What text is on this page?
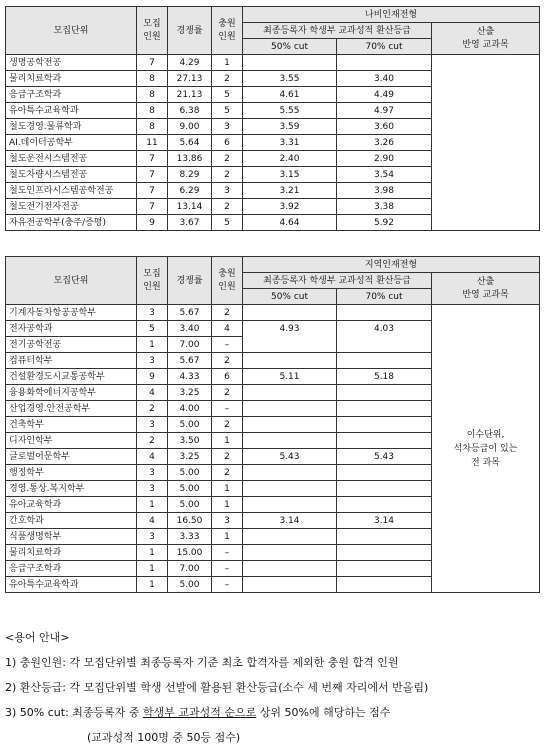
모집단위	모집
인원	경쟁률	충원
인원	나비인재전형		
				최종등록자 학생부 교과성적 환산등급		산출
반영 교과목
				50% cut	70% cut	
생명공학전공	7	4.29	1			
물리치료학과	8	27.13	2	3.55	3.40	
응급구조학과	8	21.13	5	4.61	4.49	
유아특수교육학과	8	6.38	5	5.55	4.97	
철도경영.물류학과	8	9.00	3	3.59	3.60	
AI.데이터공학부	11	5.64	6	3.31	3.26	
철도운전시스템전공	7	13.86	2	2.40	2.90	
철도차량시스템전공	7	8.29	2	3.15	3.54	
철도인프라시스템공학전공	7	6.29	3	3.21	3.98	
철도전기전자전공	7	13.14	2	3.92	3.38	
자유전공학부(충주/증평)	9	3.67	5	4.64	5.92	
모집단위	모집
인원	경쟁률	충원
인원	지역인재전형		
				최종등록자 학생부 교과성적 환산등급		산출
반영 교과목
				50% cut	70% cut	
기계자동차항공공학부	3	5.67	2			이수단위,
석차등급이 있는
전 과목
전자공학과	5	3.40	4	4.93	4.03	
전기공학전공	1	7.00	–			
컴퓨터학부	3	5.67	2			
건설환경도시교통공학부	9	4.33	6	5.11	5.18	
융용화학에너지공학부	4	3.25	2			
산업경영.안전공학부	2	4.00	–			
건축학부	3	5.00	2			
디자인학부	2	3.50	1			
글로벌어문학부	4	3.25	2	5.43	5.43	
행정학부	3	5.00	2			
경영.통상.복지학부	3	5.00	1			
유아교육학과	1	5.00	1			
간호학과	4	16.50	3	3.14	3.14	
식품생명학부	3	3.33	1			
물리치료학과	1	15.00	–			
응급구조학과	1	7.00	–			
유아특수교육학과	1	5.00	–			

<용어 안내>

1) 충원인원: 각 모집단위별 최종등록자 기준 최초 합격자를 제외한 충원 합격 인원

2) 환산등급: 각 모집단위별 학생 선발에 활용된 환산등급(소수 세 번째 자리에서 반올림)

3) 50% cut: 최종등록자 중 학생부 교과성적 순으로 상위 50%에 해당하는 점수

(교과성적 100명 중 50등 점수)
